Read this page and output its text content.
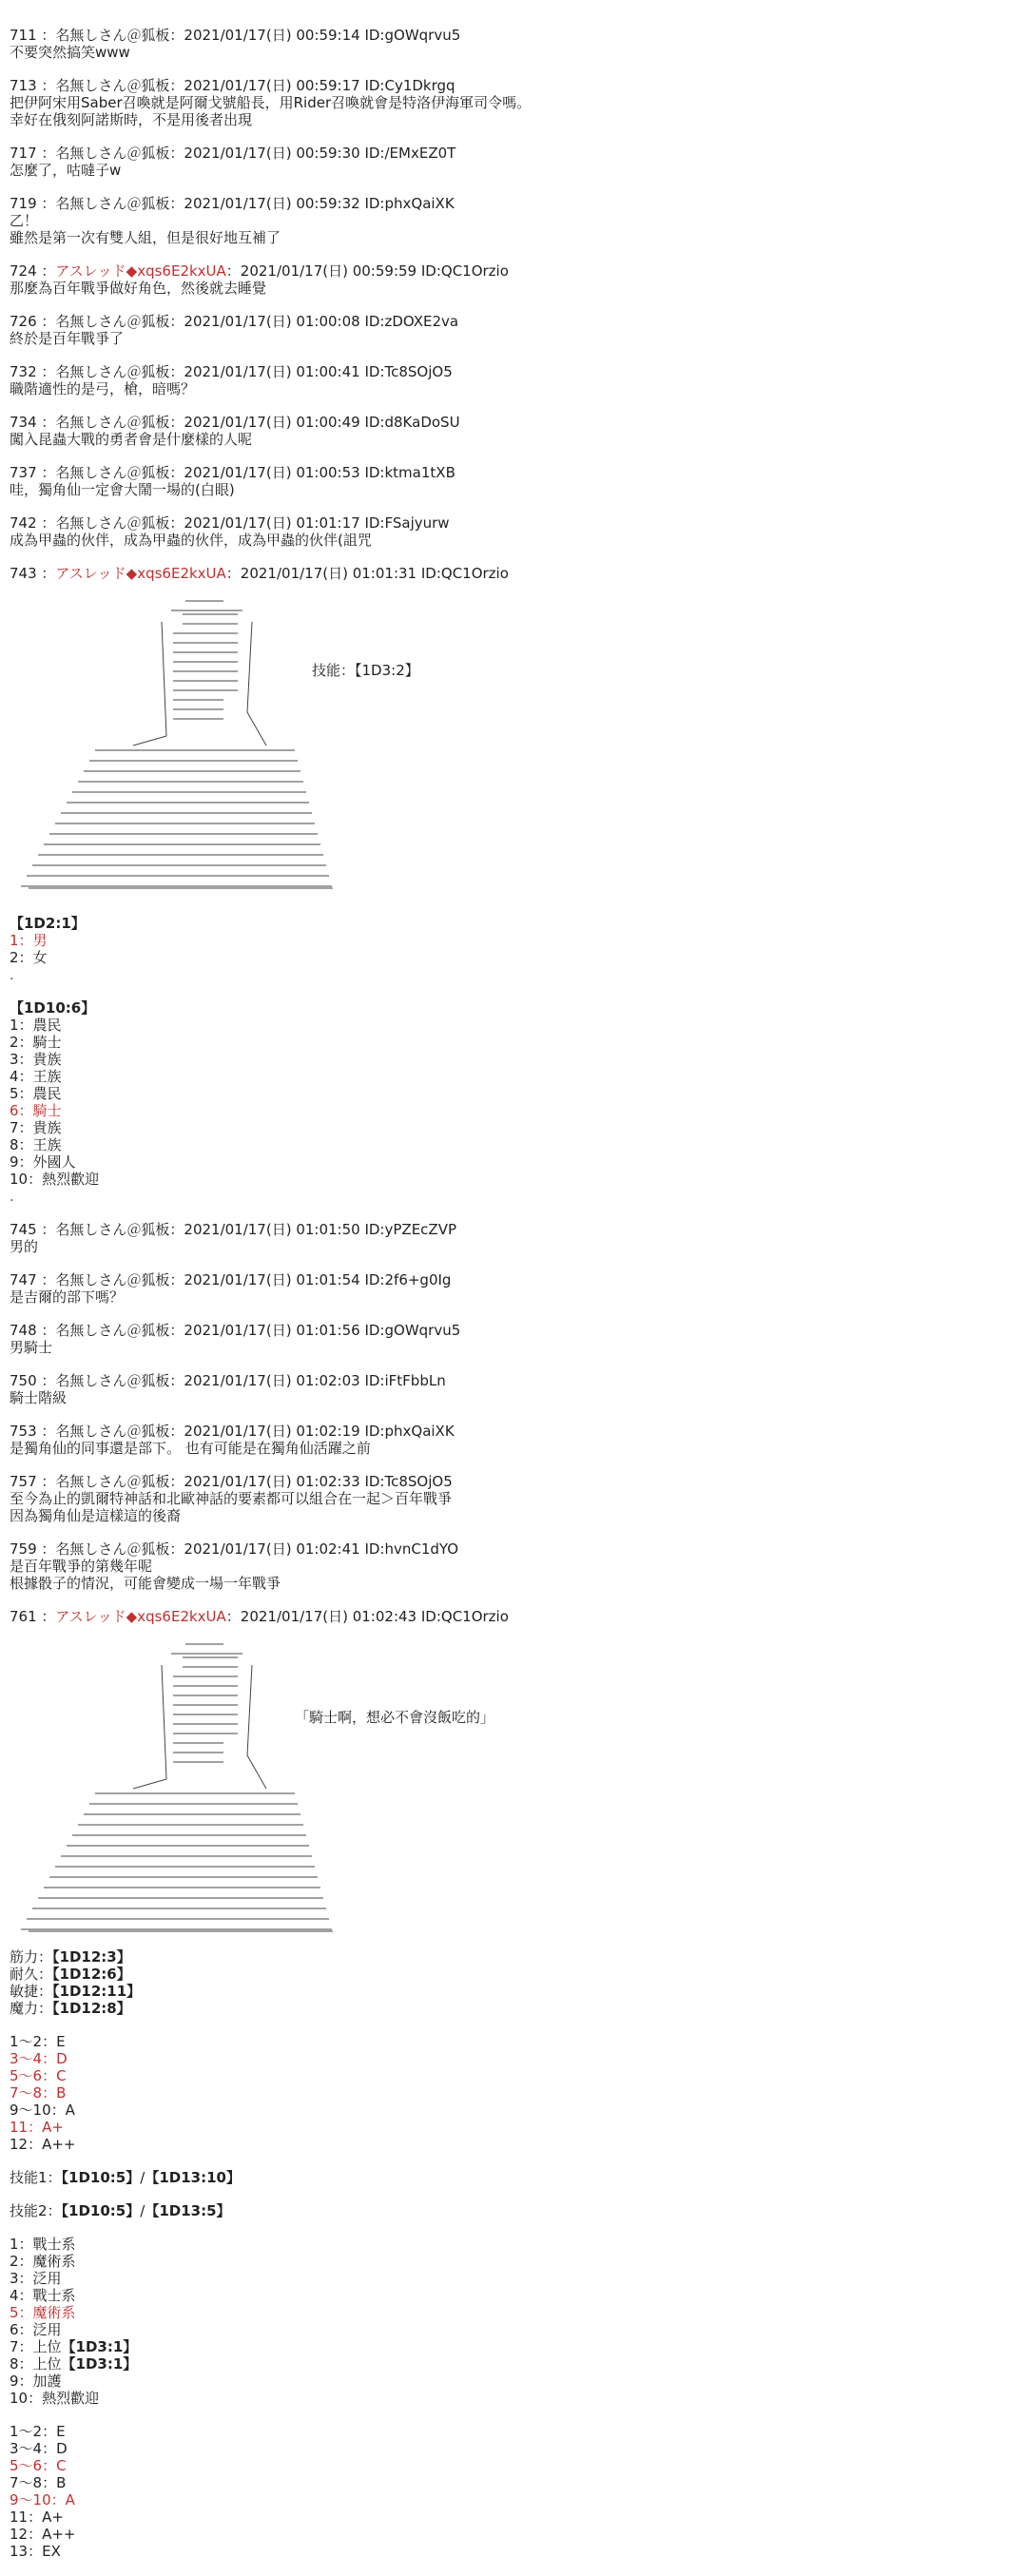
711 ：名無しさん＠狐板：2021/01/17(日) 00:59:14 ID:gOWqrvu5
不要突然搞笑www
713 ：名無しさん＠狐板：2021/01/17(日) 00:59:17 ID:Cy1Dkrgq
把伊阿宋用Saber召喚就是阿爾戈號船長，用Rider召喚就會是特洛伊海軍司令嗎。
幸好在俄刻阿諾斯時，不是用後者出現
717 ：名無しさん＠狐板：2021/01/17(日) 00:59:30 ID:/EMxEZ0T
怎麼了，咕噠子w
719 ：名無しさん＠狐板：2021/01/17(日) 00:59:32 ID:phxQaiXK
乙！
雖然是第一次有雙人組，但是很好地互補了
724 ：アスレッド◆xqs6E2kxUA：2021/01/17(日) 00:59:59 ID:QC1Orzio
那麼為百年戰爭做好角色，然後就去睡覺
726 ：名無しさん＠狐板：2021/01/17(日) 01:00:08 ID:zDOXE2va
終於是百年戰爭了
732 ：名無しさん＠狐板：2021/01/17(日) 01:00:41 ID:Tc8SOjO5
職階適性的是弓，槍，暗嗎？
734 ：名無しさん＠狐板：2021/01/17(日) 01:00:49 ID:d8KaDoSU
闖入昆蟲大戰的勇者會是什麼樣的人呢
737 ：名無しさん＠狐板：2021/01/17(日) 01:00:53 ID:ktma1tXB
哇，獨角仙一定會大鬧一場的(白眼)
742 ：名無しさん＠狐板：2021/01/17(日) 01:01:17 ID:FSajyurw
成為甲蟲的伙伴，成為甲蟲的伙伴，成為甲蟲的伙伴(詛咒
743 ：アスレッド◆xqs6E2kxUA：2021/01/17(日) 01:01:31 ID:QC1Orzio
技能：【1D3:2】
【1D2:1】
1：男
2：女
.
【1D10:6】
1：農民
2：騎士
3：貴族
4：王族
5：農民
6：騎士
7：貴族
8：王族
9：外國人
10：熱烈歡迎
.
745 ：名無しさん＠狐板：2021/01/17(日) 01:01:50 ID:yPZEcZVP
男的
747 ：名無しさん＠狐板：2021/01/17(日) 01:01:54 ID:2f6+g0Ig
是吉爾的部下嗎？
748 ：名無しさん＠狐板：2021/01/17(日) 01:01:56 ID:gOWqrvu5
男騎士
750 ：名無しさん＠狐板：2021/01/17(日) 01:02:03 ID:iFtFbbLn
騎士階級
753 ：名無しさん＠狐板：2021/01/17(日) 01:02:19 ID:phxQaiXK
是獨角仙的同事還是部下。 也有可能是在獨角仙活躍之前
757 ：名無しさん＠狐板：2021/01/17(日) 01:02:33 ID:Tc8SOjO5
至今為止的凱爾特神話和北歐神話的要素都可以組合在一起＞百年戰爭
因為獨角仙是這樣這的後裔
759 ：名無しさん＠狐板：2021/01/17(日) 01:02:41 ID:hvnC1dYO
是百年戰爭的第幾年呢
根據骰子的情況，可能會變成一場一年戰爭
761 ：アスレッド◆xqs6E2kxUA：2021/01/17(日) 01:02:43 ID:QC1Orzio
「騎士啊，想必不會沒飯吃的」
筋力：【1D12:3】
耐久：【1D12:6】
敏捷：【1D12:11】
魔力：【1D12:8】
1～2：E
3～4：D
5～6：C
7～8：B
9～10：A
11：A+
12：A++
技能1：【1D10:5】/【1D13:10】
技能2：【1D10:5】/【1D13:5】
1：戰士系
2：魔術系
3：泛用
4：戰士系
5：魔術系
6：泛用
7：上位【1D3:1】
8：上位【1D3:1】
9：加護
10：熱烈歡迎
1～2：E
3～4：D
5～6：C
7～8：B
9～10：A
11：A+
12：A++
13：EX
